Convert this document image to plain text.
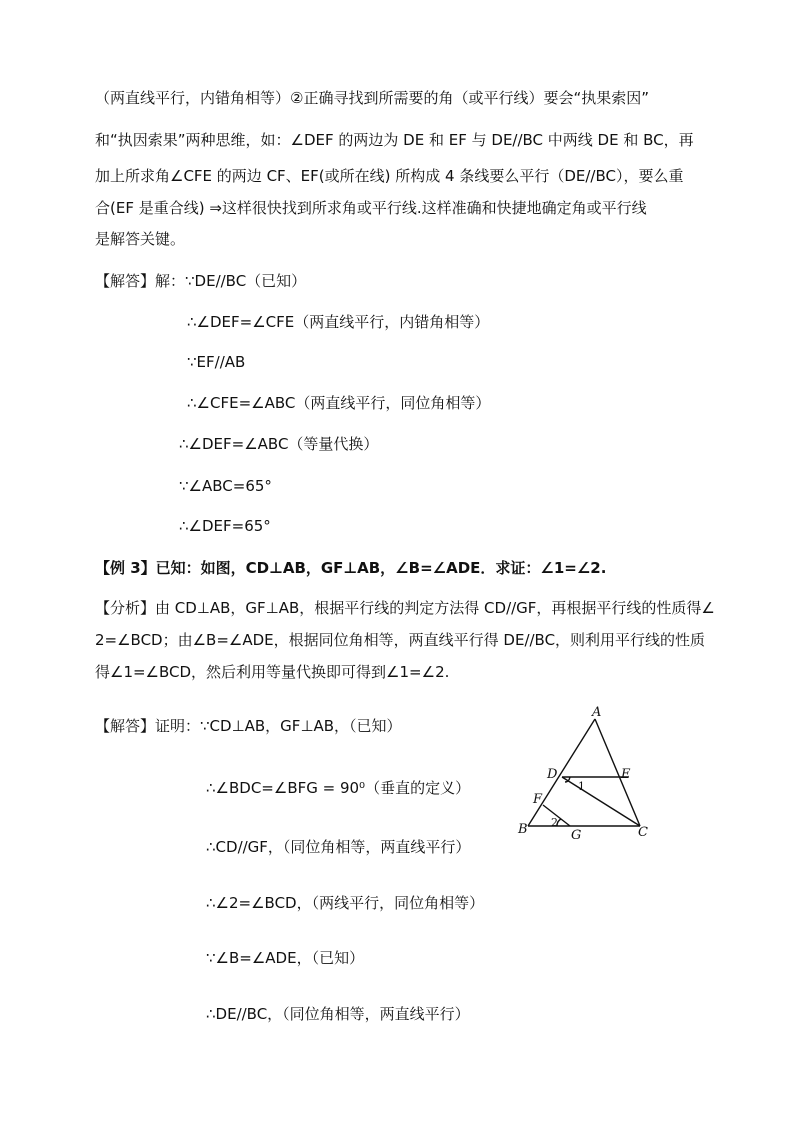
（两直线平行，内错角相等）②正确寻找到所需要的角（或平行线）要会“执果索因”
和“执因索果”两种思维，如：∠DEF 的两边为 DE 和 EF 与 DE//BC 中两线 DE 和 BC，再
加上所求角∠CFE 的两边 CF、EF(或所在线) 所构成 4 条线要么平行（DE//BC），要么重
合(EF 是重合线) ⇒这样很快找到所求角或平行线.这样准确和快捷地确定角或平行线
是解答关键。
【解答】解：∵DE//BC（已知）
∴∠DEF=∠CFE（两直线平行，内错角相等）
∵EF//AB
∴∠CFE=∠ABC（两直线平行，同位角相等）
∴∠DEF=∠ABC（等量代换）
∵∠ABC=65°
∴∠DEF=65°
【例 3】已知：如图，CD⊥AB，GF⊥AB，∠B=∠ADE．求证：∠1=∠2.
【分析】由 CD⊥AB，GF⊥AB，根据平行线的判定方法得 CD//GF，再根据平行线的性质得∠
2=∠BCD；由∠B=∠ADE，根据同位角相等，两直线平行得 DE//BC，则利用平行线的性质
得∠1=∠BCD，然后利用等量代换即可得到∠1=∠2.
【解答】证明：∵CD⊥AB，GF⊥AB，（已知）
∴∠BDC=∠BFG = 90⁰（垂直的定义）
∴CD//GF，（同位角相等，两直线平行）
∴∠2=∠BCD，（两线平行，同位角相等）
∵∠B=∠ADE，（已知）
∴DE//BC，（同位角相等，两直线平行）
A
D	E
F
B	G	C
1
2
